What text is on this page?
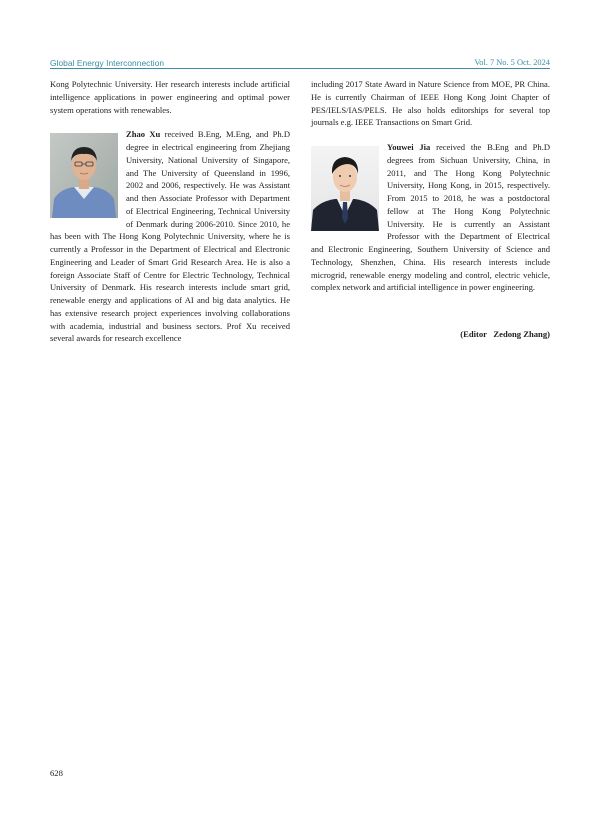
Global Energy Interconnection	Vol. 7 No. 5 Oct. 2024

Kong Polytechnic University. Her research interests include artificial intelligence applications in power engineering and optimal power system operations with renewables.

Zhao Xu received B.Eng, M.Eng, and Ph.D degree in electrical engineering from Zhejiang University, National University of Singapore, and The University of Queensland in 1996, 2002 and 2006, respectively. He was Assistant and then Associate Professor with Department of Electrical Engineering, Technical University of Denmark during 2006-2010. Since 2010, he has been with The Hong Kong Polytechnic University, where he is currently a Professor in the Department of Electrical and Electronic Engineering and Leader of Smart Grid Research Area. He is also a foreign Associate Staff of Centre for Electric Technology, Technical University of Denmark. His research interests include smart grid, renewable energy and applications of AI and big data analytics. He has extensive research project experiences involving collaborations with academia, industrial and business sectors. Prof Xu received several awards for research excellence

including 2017 State Award in Nature Science from MOE, PR China. He is currently Chairman of IEEE Hong Kong Joint Chapter of PES/IELS/IAS/PELS. He also holds editorships for several top journals e.g. IEEE Transactions on Smart Grid.

Youwei Jia received the B.Eng and Ph.D degrees from Sichuan University, China, in 2011, and The Hong Kong Polytechnic University, Hong Kong, in 2015, respectively. From 2015 to 2018, he was a postdoctoral fellow at The Hong Kong Polytechnic University. He is currently an Assistant Professor with the Department of Electrical and Electronic Engineering, Southern University of Science and Technology, Shenzhen, China. His research interests include microgrid, renewable energy modeling and control, electric vehicle, complex network and artificial intelligence in power engineering.

(Editor   Zedong Zhang)
628
